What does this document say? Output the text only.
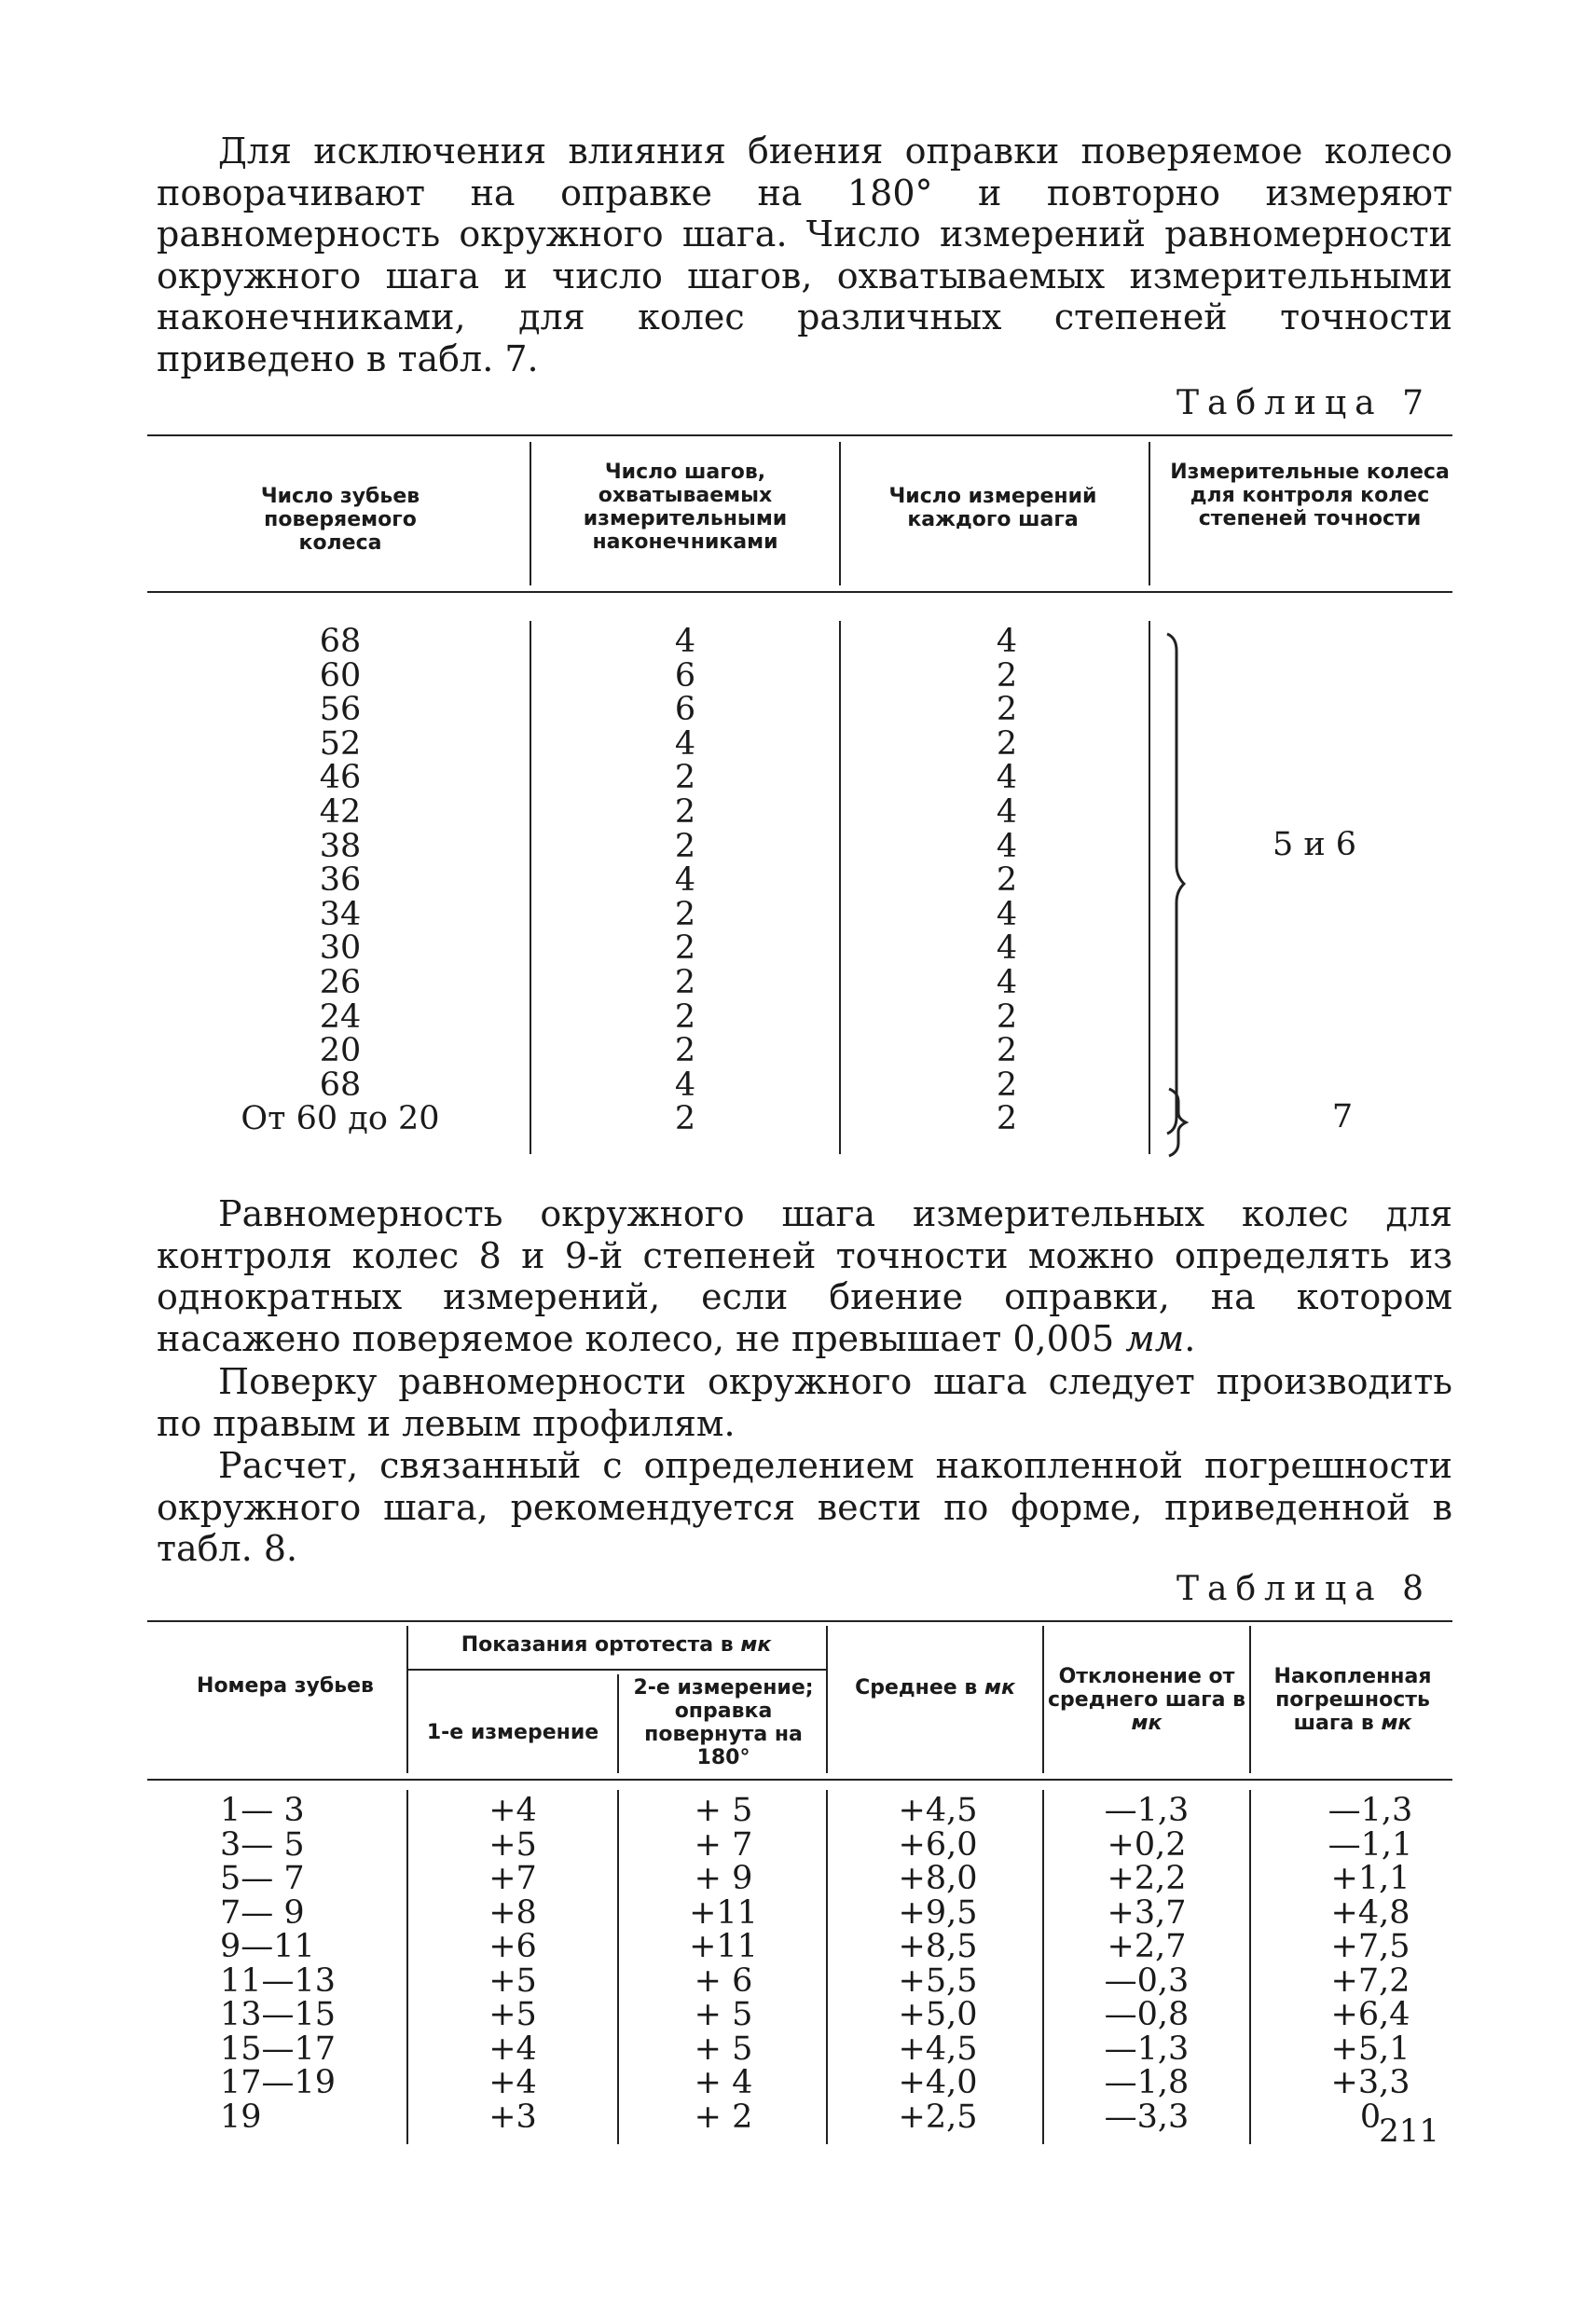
Для исключения влияния биения оправки поверяемое колесо поворачивают на оправке на 180° и повторно измеряют равномерность окружного шага. Число измерений равномерности окружного шага и число шагов, охватываемых измерительными наконечниками, для колес различных степеней точности приведено в табл. 7.

Таблица 7
Число зубьев поверяемого колеса
Число шагов, охватываемых измерительными наконечниками
Число измерений каждого шага
Измерительные колеса для контроля колес степеней точности
68
60
56
52
46
42
38
36
34
30
26
24
20
68
От 60 до 20
4
6
6
4
2
2
2
4
2
2
2
2
2
4
2
4
2
2
2
4
4
4
2
4
4
4
2
2
2
2
5 и 6
7

Равномерность окружного шага измерительных колес для контроля колес 8 и 9-й степеней точности можно определять из однократных измерений, если биение оправки, на котором насажено поверяемое колесо, не превышает 0,005 мм.

Поверку равномерности окружного шага следует производить по правым и левым профилям.

Расчет, связанный с определением накопленной погрешности окружного шага, рекомендуется вести по форме, приведенной в табл. 8.

Таблица 8
Номера зубьев
Показания ортотеста в мк
1-е измерение
2-е измерение; оправка повернута на 180°
Среднее в мк	Отклонение от среднего шага в мк
Накопленная погрешность шага в мк
1— 3
3— 5
5— 7
7— 9
9—11
11—13
13—15
15—17
17—19
19
+4
+5
+7
+8
+6
+5
+5
+4
+4
+3
+ 5
+ 7
+ 9
+11
+11
+ 6
+ 5
+ 5
+ 4
+ 2
+4,5
+6,0
+8,0
+9,5
+8,5
+5,5
+5,0
+4,5
+4,0
+2,5
—1,3
+0,2
+2,2
+3,7
+2,7
—0,3
—0,8
—1,3
—1,8
—3,3
—1,3
—1,1
+1,1
+4,8
+7,5
+7,2
+6,4
+5,1
+3,3
0
211
